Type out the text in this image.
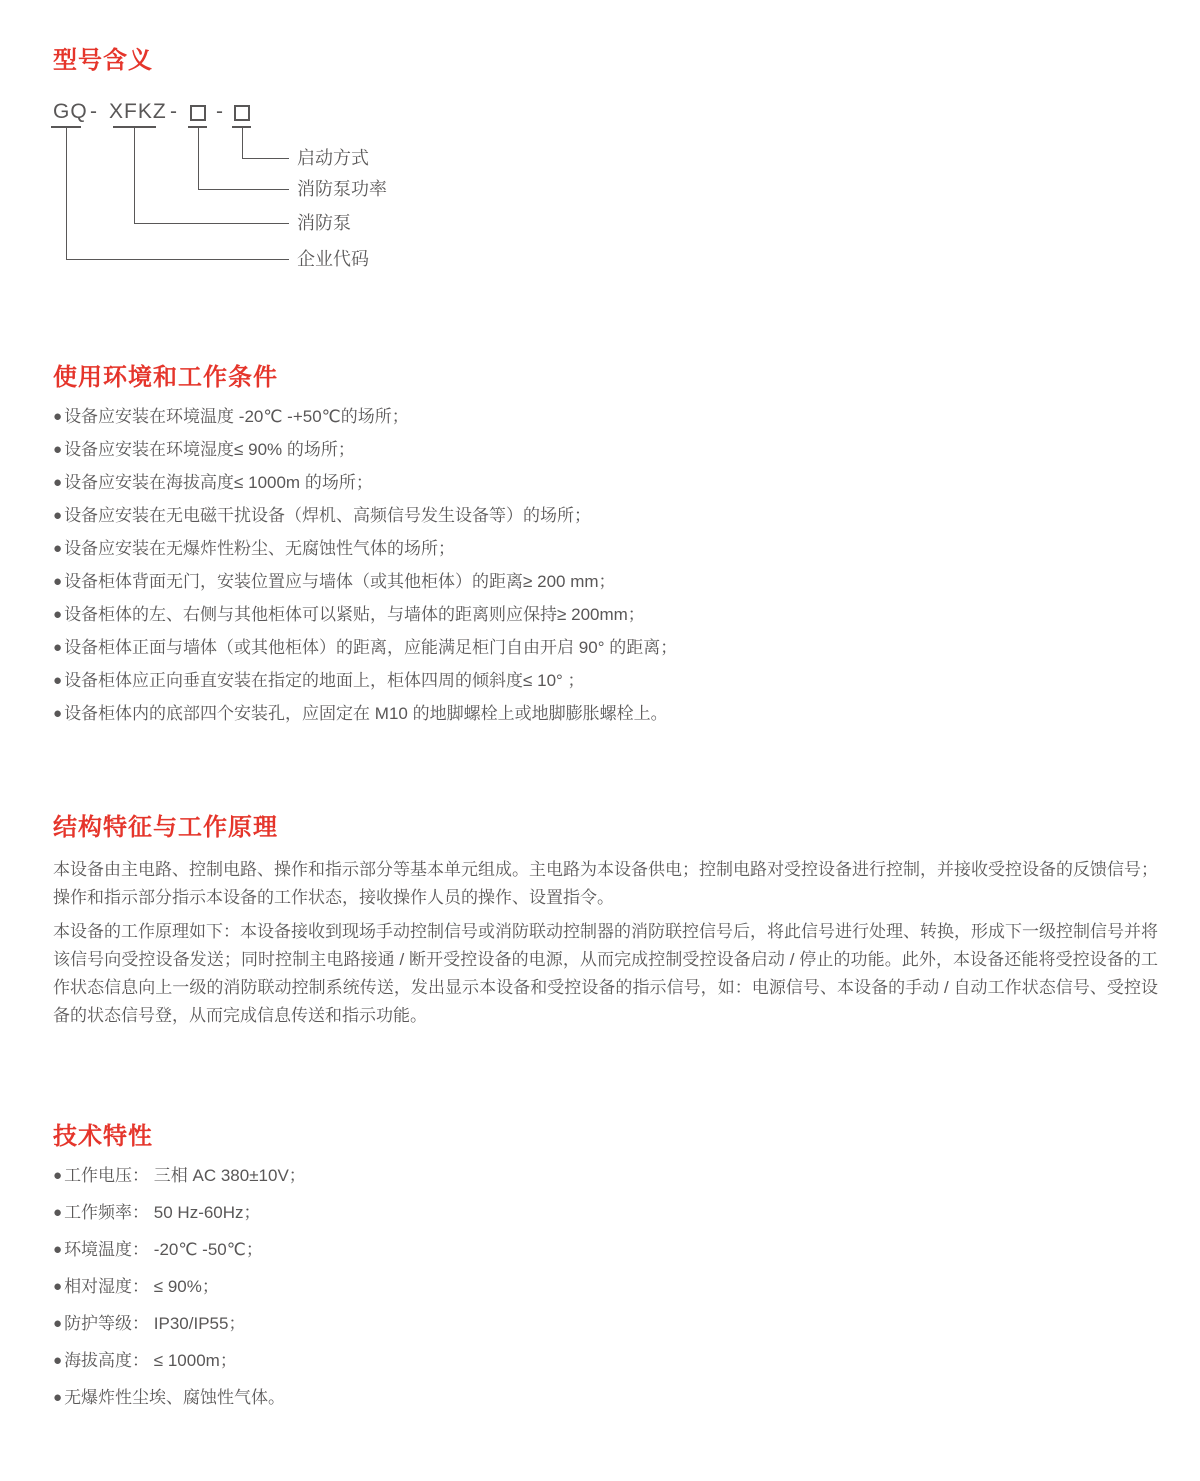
型号含义
GQ - XFKZ - -
启动方式
消防泵功率
消防泵
企业代码
使用环境和工作条件
● 设备应安装在环境温度 -20℃ -+50℃的场所；
● 设备应安装在环境湿度≤ 90% 的场所；
● 设备应安装在海拔高度≤ 1000m 的场所；
● 设备应安装在无电磁干扰设备（焊机、高频信号发生设备等）的场所；
● 设备应安装在无爆炸性粉尘、无腐蚀性气体的场所；
● 设备柜体背面无门，安装位置应与墙体（或其他柜体）的距离≥ 200 mm；
● 设备柜体的左、右侧与其他柜体可以紧贴，与墙体的距离则应保持≥ 200mm；
● 设备柜体正面与墙体（或其他柜体）的距离，应能满足柜门自由开启 90° 的距离；
● 设备柜体应正向垂直安装在指定的地面上，柜体四周的倾斜度≤ 10° ；
● 设备柜体内的底部四个安装孔，应固定在 M10 的地脚螺栓上或地脚膨胀螺栓上。
结构特征与工作原理

本设备由主电路、控制电路、操作和指示部分等基本单元组成。主电路为本设备供电；控制电路对受控设备进行控制，并接收受控设备的反馈信号；操作和指示部分指示本设备的工作状态，接收操作人员的操作、设置指令。

本设备的工作原理如下：本设备接收到现场手动控制信号或消防联动控制器的消防联控信号后，将此信号进行处理、转换，形成下一级控制信号并将该信号向受控设备发送；同时控制主电路接通 / 断开受控设备的电源，从而完成控制受控设备启动 / 停止的功能。此外，本设备还能将受控设备的工作状态信息向上一级的消防联动控制系统传送，发出显示本设备和受控设备的指示信号，如：电源信号、本设备的手动 / 自动工作状态信号、受控设备的状态信号登，从而完成信息传送和指示功能。

技术特性
● 工作电压： 三相 AC 380±10V；
● 工作频率： 50 Hz-60Hz；
● 环境温度： -20℃ -50℃；
● 相对湿度： ≤ 90%；
● 防护等级： IP30/IP55；
● 海拔高度： ≤ 1000m；
● 无爆炸性尘埃、腐蚀性气体。
